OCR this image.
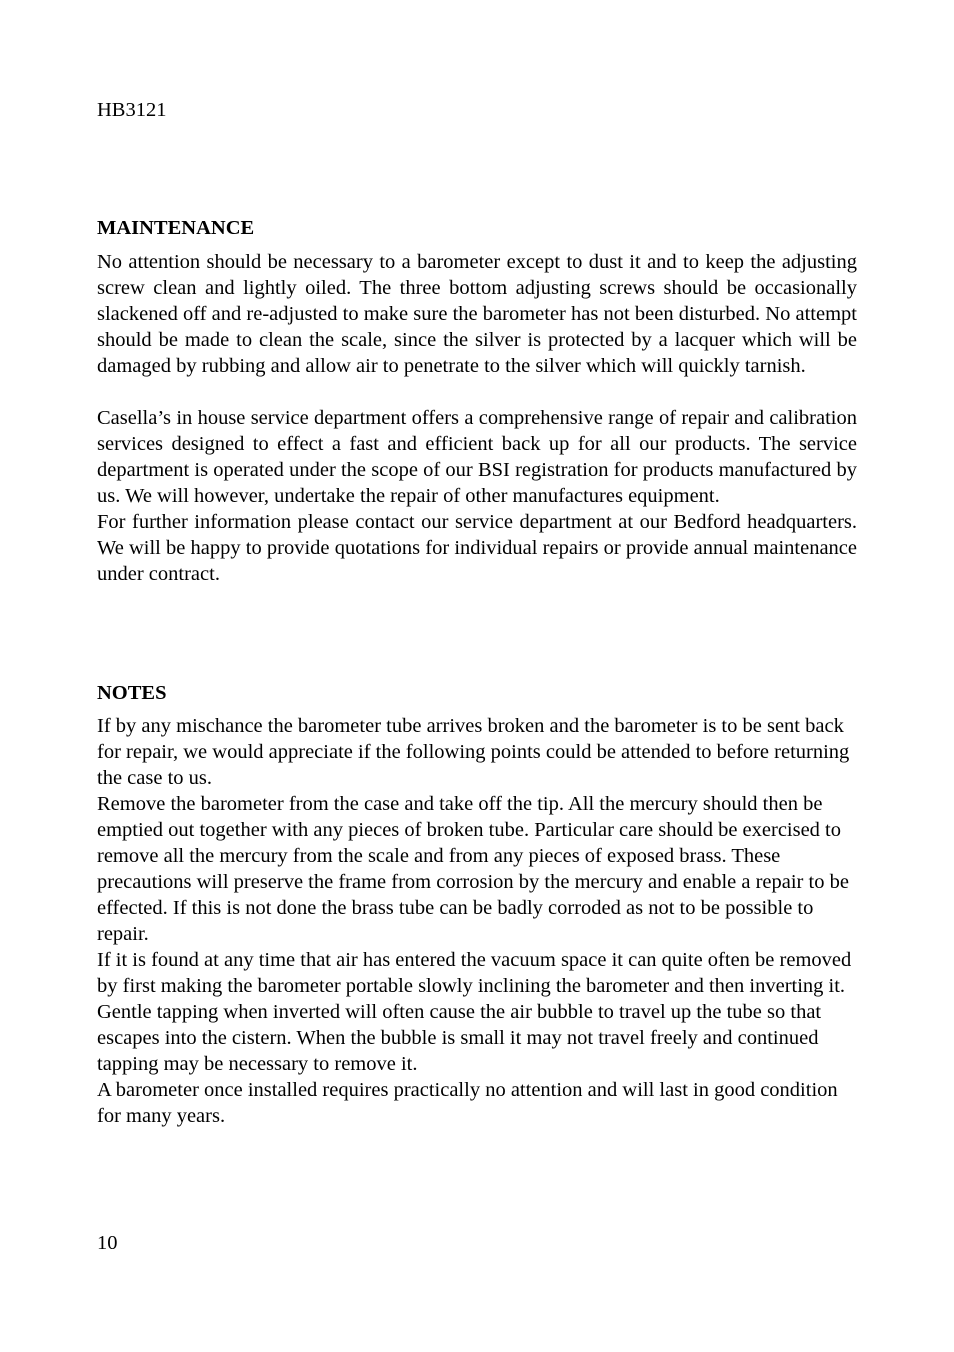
HB3121
MAINTENANCE

No attention should be necessary to a barometer except to dust it and to keep the adjusting screw clean and lightly oiled. The three bottom adjusting screws should be occasionally slackened off and re-adjusted to make sure the barometer has not been disturbed. No attempt should be made to clean the scale, since the silver is protected by a lacquer which will be damaged by rubbing and allow air to penetrate to the silver which will quickly tarnish.

Casella’s in house service department offers a comprehensive range of repair and calibration services designed to effect a fast and efficient back up for all our products. The service department is operated under the scope of our BSI registration for products manufactured by us. We will however, undertake the repair of other manufactures equipment.

For further information please contact our service department at our Bedford headquarters. We will be happy to provide quotations for individual repairs or provide annual maintenance under contract.

NOTES

If by any mischance the barometer tube arrives broken and the barometer is to be sent back for repair, we would appreciate if the following points could be attended to before returning the case to us.

Remove the barometer from the case and take off the tip. All the mercury should then be emptied out together with any pieces of broken tube. Particular care should be exercised to remove all the mercury from the scale and from any pieces of exposed brass. These precautions will preserve the frame from corrosion by the mercury and enable a repair to be effected. If this is not done the brass tube can be badly corroded as not to be possible to repair.

If it is found at any time that air has entered the vacuum space it can quite often be removed by first making the barometer portable slowly inclining the barometer and then inverting it. Gentle tapping when inverted will often cause the air bubble to travel up the tube so that escapes into the cistern. When the bubble is small it may not travel freely and continued tapping may be necessary to remove it.

A barometer once installed requires practically no attention and will last in good condition for many years.

10
